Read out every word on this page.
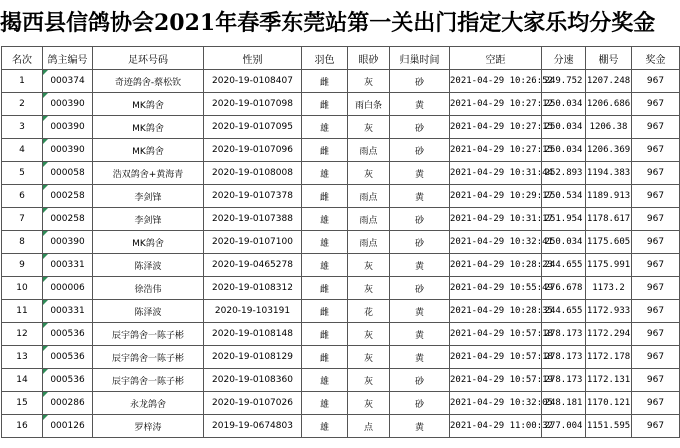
揭西县信鸽协会2021年春季东莞站第一关出门指定大家乐均分奖金
名次	鸽主编号	足环号码	性别	羽色	眼砂	归巢时间	空距	分速	棚号	奖金
1	000374	奇迹鸽舍-蔡松钦	2020-19-0108407	雌	灰	砂	2021-04-29 10:26:52	249.752	1207.248	967
2	000390	MK鸽舍	2020-19-0107098	雌	雨白条	黄	2021-04-29 10:27:12	250.034	1206.686	967
3	000390	MK鸽舍	2020-19-0107095	雄	灰	砂	2021-04-29 10:27:15	250.034	1206.38	967
4	000390	MK鸽舍	2020-19-0107096	雌	雨点	砂	2021-04-29 10:27:15	250.034	1206.369	967
5	000058	浩双鸽舍+黄海青	2020-19-0108008	雄	灰	黄	2021-04-29 10:31:44	252.893	1194.383	967
6	000258	李剑锋	2020-19-0107378	雌	雨点	黄	2021-04-29 10:29:17	250.534	1189.913	967
7	000258	李剑锋	2020-19-0107388	雄	雨点	砂	2021-04-29 10:31:17	251.954	1178.617	967
8	000390	MK鸽舍	2020-19-0107100	雄	雨点	砂	2021-04-29 10:32:41	250.034	1175.605	967
9	000331	陈泽波	2020-19-0465278	雄	灰	黄	2021-04-29 10:28:23	244.655	1175.991	967
10	000006	徐浩伟	2020-19-0108312	雌	灰	砂	2021-04-29 10:55:49	276.678	1173.2	967
11	000331	陈泽波	2020-19-103191	雌	花	黄	2021-04-29 10:28:35	244.655	1172.933	967
12	000536	辰宇鸽舍一陈子彬	2020-19-0108148	雌	灰	黄	2021-04-29 10:57:18	278.173	1172.294	967
13	000536	辰宇鸽舍一陈子彬	2020-19-0108129	雌	灰	黄	2021-04-29 10:57:18	278.173	1172.178	967
14	000536	辰宇鸽舍一陈子彬	2020-19-0108360	雄	灰	砂	2021-04-29 10:57:19	278.173	1172.131	967
15	000286	永龙鸽舍	2020-19-0107026	雄	灰	砂	2021-04-29 10:32:05	248.181	1170.121	967
16	000126	罗梓涛	2019-19-0674803	雄	点	黄	2021-04-29 11:00:32	277.004	1151.595	967
